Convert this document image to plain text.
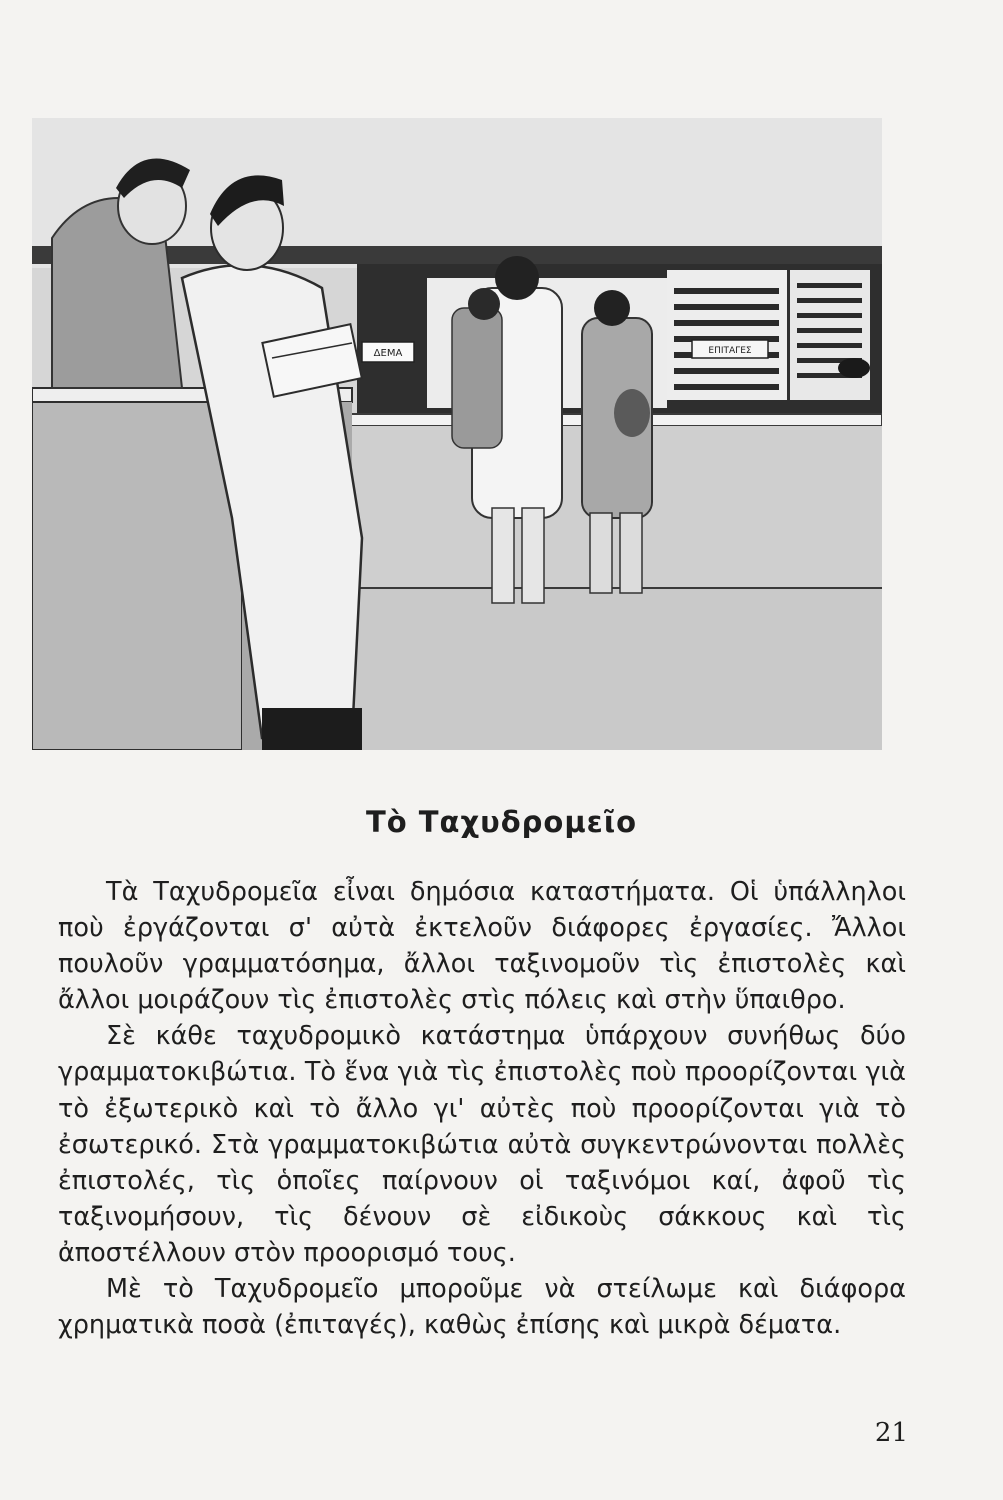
ΕΠΙΤΑΓΕΣ
ΔΕΜΑ
Τὸ Ταχυδρομεῖο

Τὰ Ταχυδρομεῖα εἶναι δημόσια καταστήματα. Οἱ ὑπάλληλοι ποὺ ἐργάζονται σ' αὐτὰ ἐκτελοῦν διάφορες ἐργασίες. Ἄλλοι πουλοῦν γραμματόσημα, ἄλλοι ταξινομοῦν τὶς ἐπιστολὲς καὶ ἄλλοι μοιράζουν τὶς ἐπιστολὲς στὶς πόλεις καὶ στὴν ὕπαιθρο.

Σὲ κάθε ταχυδρομικὸ κατάστημα ὑπάρχουν συνήθως δύο γραμματοκιβώτια. Τὸ ἕνα γιὰ τὶς ἐπιστολὲς ποὺ προορίζονται γιὰ τὸ ἐξωτερικὸ καὶ τὸ ἄλλο γι' αὐτὲς ποὺ προορίζονται γιὰ τὸ ἐσωτερικό. Στὰ γραμματοκιβώτια αὐτὰ συγκεντρώνονται πολλὲς ἐπιστολές, τὶς ὁποῖες παίρνουν οἱ ταξινόμοι καί, ἀφοῦ τὶς ταξινομήσουν, τὶς δένουν σὲ εἰδικοὺς σάκκους καὶ τὶς ἀποστέλλουν στὸν προορισμό τους.

Μὲ τὸ Ταχυδρομεῖο μποροῦμε νὰ στείλωμε καὶ διάφορα χρηματικὰ ποσὰ (ἐπιταγές), καθὼς ἐπίσης καὶ μικρὰ δέματα.

21
